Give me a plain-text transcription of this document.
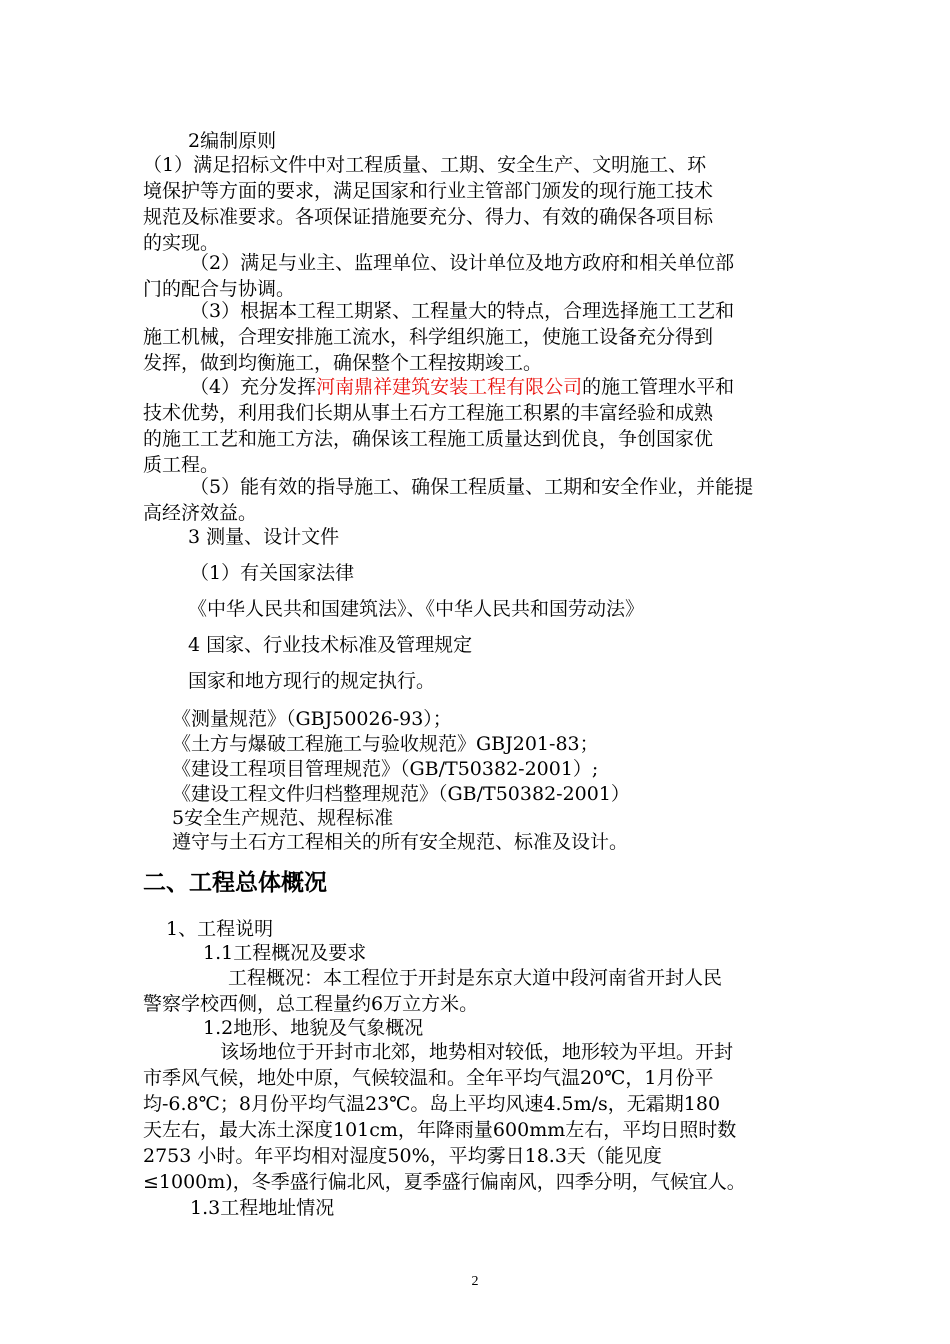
2编制原则
（1）满足招标文件中对工程质量、工期、安全生产、文明施工、环
境保护等方面的要求，满足国家和行业主管部门颁发的现行施工技术
规范及标准要求。各项保证措施要充分、得力、有效的确保各项目标
的实现。
（2）满足与业主、监理单位、设计单位及地方政府和相关单位部
门的配合与协调。
（3）根据本工程工期紧、工程量大的特点，合理选择施工工艺和
施工机械，合理安排施工流水，科学组织施工，使施工设备充分得到
发挥，做到均衡施工，确保整个工程按期竣工。
（4）充分发挥河南鼎祥建筑安装工程有限公司的施工管理水平和
技术优势，利用我们长期从事土石方工程施工积累的丰富经验和成熟
的施工工艺和施工方法，确保该工程施工质量达到优良，争创国家优
质工程。
（5）能有效的指导施工、确保工程质量、工期和安全作业，并能提
高经济效益。
3 测量、设计文件
（1）有关国家法律
《中华人民共和国建筑法》、《中华人民共和国劳动法》
4 国家、行业技术标准及管理规定
国家和地方现行的规定执行。
《测量规范》（GBJ50026-93）；
《土方与爆破工程施工与验收规范》GBJ201-83；
《建设工程项目管理规范》（GB/T50382-2001）;
《建设工程文件归档整理规范》（GB/T50382-2001）
5安全生产规范、规程标准
遵守与土石方工程相关的所有安全规范、标准及设计。
二、工程总体概况
1、工程说明
1.1工程概况及要求
工程概况：本工程位于开封是东京大道中段河南省开封人民
警察学校西侧，总工程量约6万立方米。
1.2地形、地貌及气象概况
该场地位于开封市北郊，地势相对较低，地形较为平坦。开封
市季风气候，地处中原，气候较温和。全年平均气温20℃，1月份平
均-6.8℃；8月份平均气温23℃。岛上平均风速4.5m/s，无霜期180
天左右，最大冻土深度101cm，年降雨量600mm左右，平均日照时数
2753 小时。年平均相对湿度50%，平均雾日18.3天（能见度
≤1000m)，冬季盛行偏北风，夏季盛行偏南风，四季分明，气候宜人。
1.3工程地址情况
2
